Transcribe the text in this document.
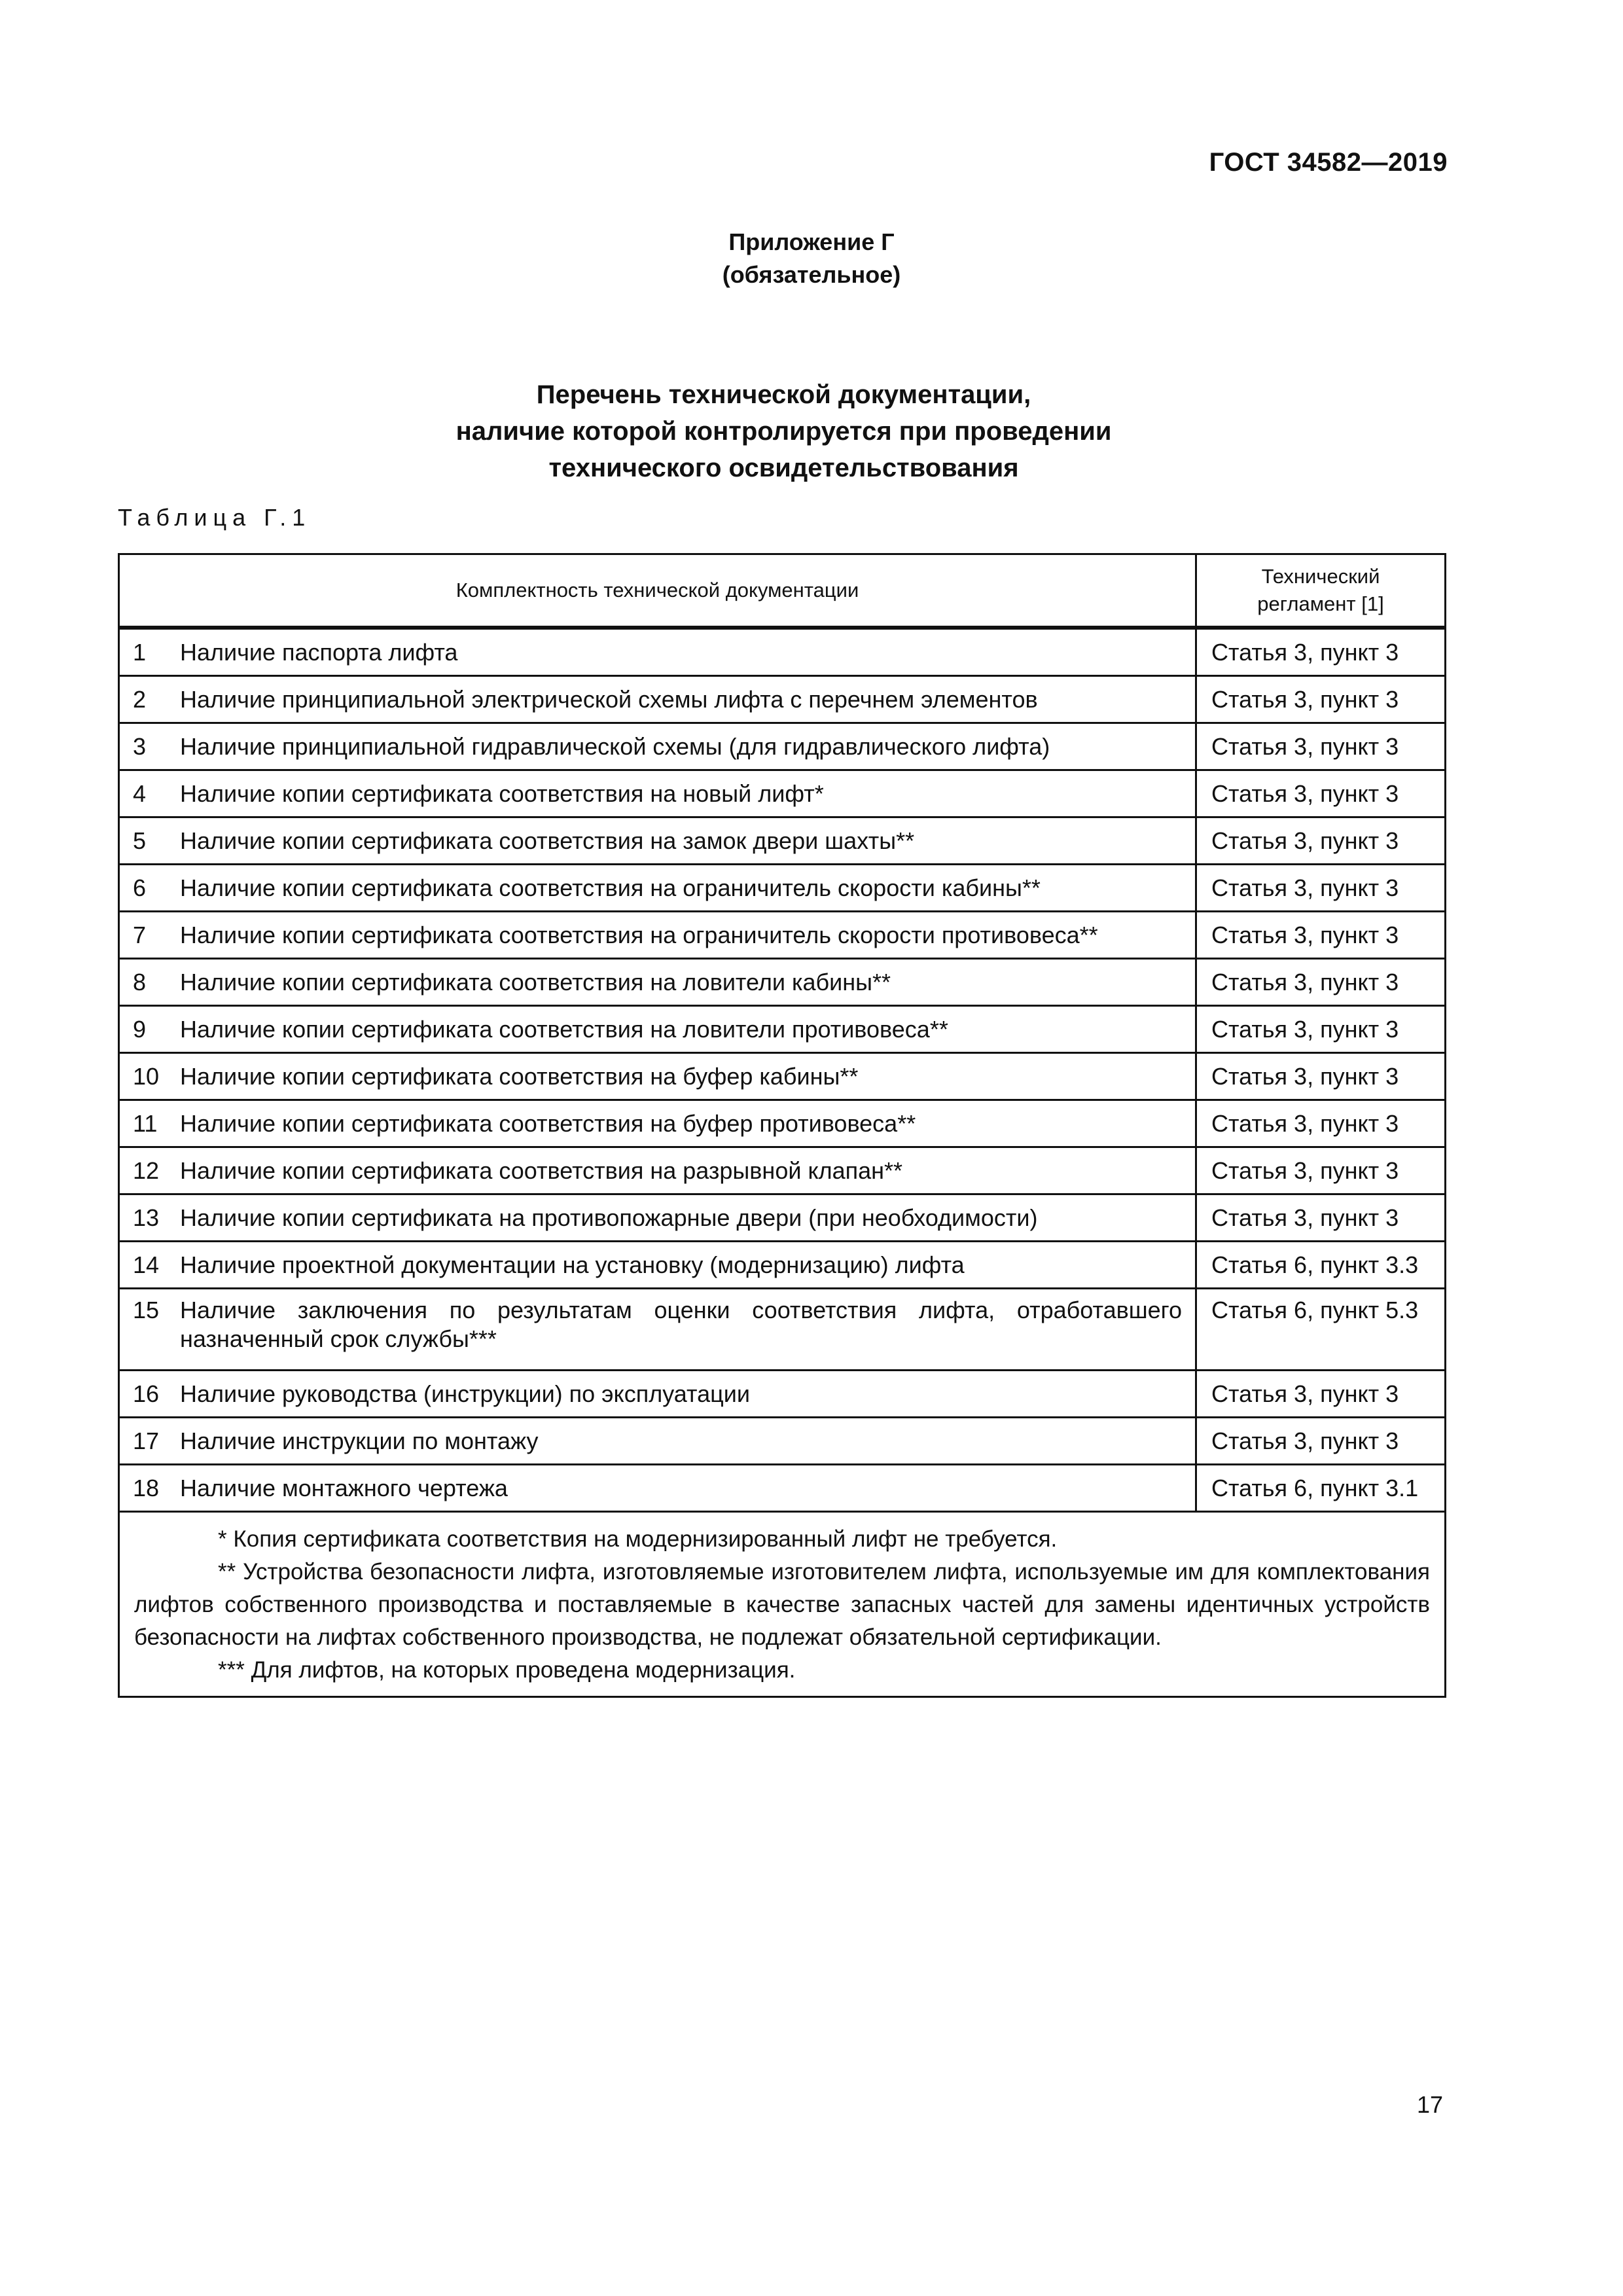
ГОСТ 34582—2019
Приложение Г
(обязательное)
Перечень технической документации,
наличие которой контролируется при проведении
технического освидетельствования
Таблица Г.1
Комплектность технической документации	Технический
регламент [1]

1 Наличие паспорта лифта	Статья 3, пункт 3

2 Наличие принципиальной электрической схемы лифта с перечнем элементов	Статья 3, пункт 3

3 Наличие принципиальной гидравлической схемы (для гидравлического лифта)	Статья 3, пункт 3

4 Наличие копии сертификата соответствия на новый лифт*	Статья 3, пункт 3

5 Наличие копии сертификата соответствия на замок двери шахты**	Статья 3, пункт 3

6 Наличие копии сертификата соответствия на ограничитель скорости кабины**	Статья 3, пункт 3

7 Наличие копии сертификата соответствия на ограничитель скорости противовеса**	Статья 3, пункт 3

8 Наличие копии сертификата соответствия на ловители кабины**	Статья 3, пункт 3

9 Наличие копии сертификата соответствия на ловители противовеса**	Статья 3, пункт 3

10 Наличие копии сертификата соответствия на буфер кабины**	Статья 3, пункт 3

11 Наличие копии сертификата соответствия на буфер противовеса**	Статья 3, пункт 3

12 Наличие копии сертификата соответствия на разрывной клапан**	Статья 3, пункт 3

13 Наличие копии сертификата на противопожарные двери (при необходимости)	Статья 3, пункт 3

14 Наличие проектной документации на установку (модернизацию) лифта	Статья 6, пункт 3.3

15 Наличие заключения по результатам оценки соответствия лифта, отработавшего назначенный срок службы***	Статья 6, пункт 5.3

16 Наличие руководства (инструкции) по эксплуатации	Статья 3, пункт 3

17 Наличие инструкции по монтажу	Статья 3, пункт 3

18 Наличие монтажного чертежа	Статья 6, пункт 3.1

* Копия сертификата соответствия на модернизированный лифт не требуется.

** Устройства безопасности лифта, изготовляемые изготовителем лифта, используемые им для комплектования лифтов собственного производства и поставляемые в качестве запасных частей для замены идентичных устройств безопасности на лифтах собственного производства, не подлежат обязательной сертификации.

*** Для лифтов, на которых проведена модернизация.	

17
